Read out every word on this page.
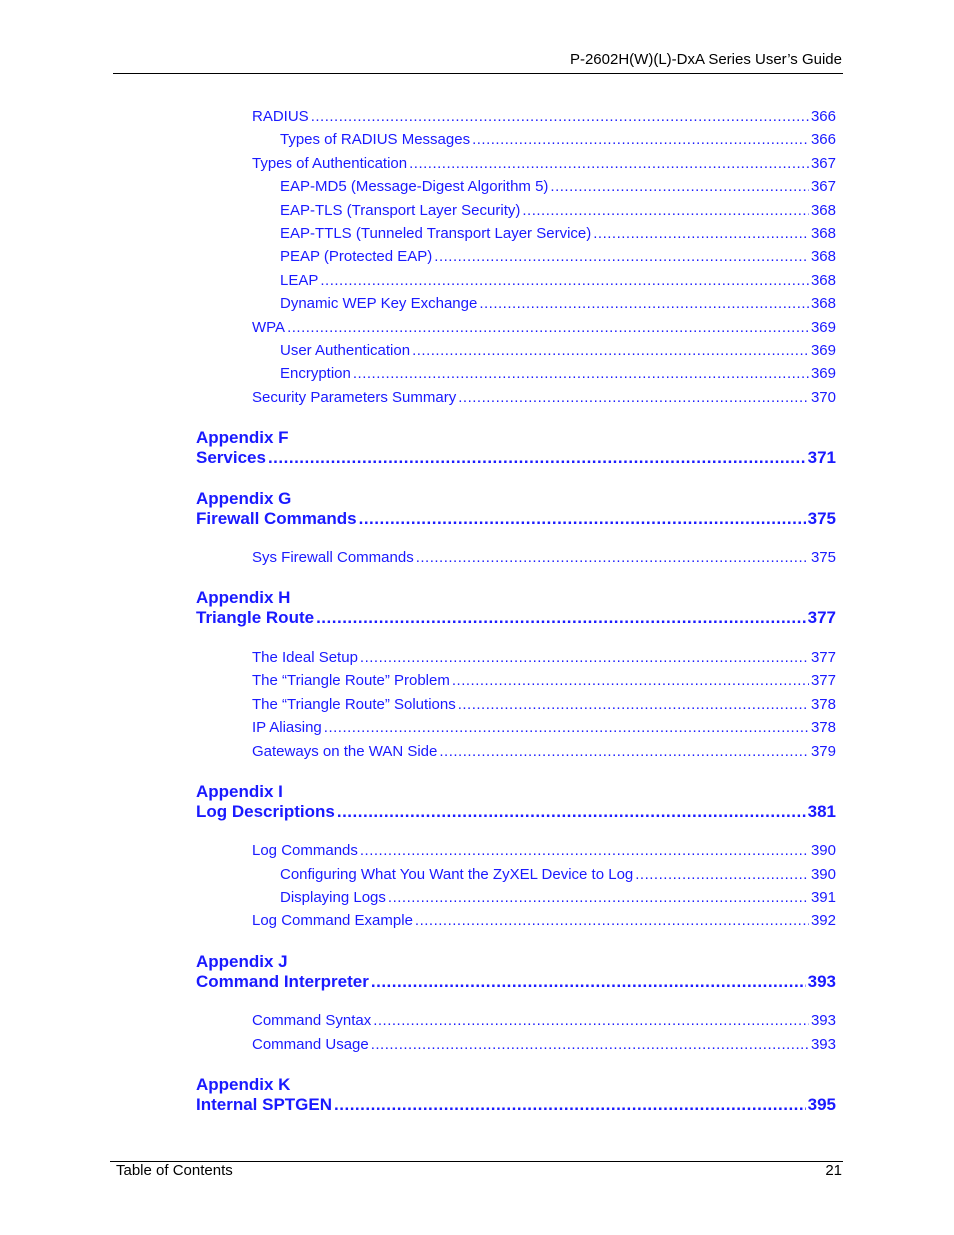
P-2602H(W)(L)-DxA Series User’s Guide
RADIUS .....	366
Types of RADIUS Messages .....	366
Types of Authentication .....	367
EAP-MD5 (Message-Digest Algorithm 5) .....	367
EAP-TLS (Transport Layer Security) .....	368
EAP-TTLS (Tunneled Transport Layer Service) .....	368
PEAP (Protected EAP) .....	368
LEAP .....	368
Dynamic WEP Key Exchange .....	368
WPA .....	369
User Authentication .....	369
Encryption .....	369
Security Parameters Summary .....	370
Appendix F
Services .....	371
Appendix G
Firewall Commands .....	375
Sys Firewall Commands .....	375
Appendix H
Triangle Route .....	377
The Ideal Setup .....	377
The “Triangle Route” Problem .....	377
The “Triangle Route” Solutions .....	378
IP Aliasing .....	378
Gateways on the WAN Side .....	379
Appendix I
Log Descriptions .....	381
Log Commands .....	390
Configuring What You Want the ZyXEL Device to Log .....	390
Displaying Logs .....	391
Log Command Example .....	392
Appendix J
Command Interpreter .....	393
Command Syntax .....	393
Command Usage .....	393
Appendix K
Internal SPTGEN .....	395
Table of Contents	21
